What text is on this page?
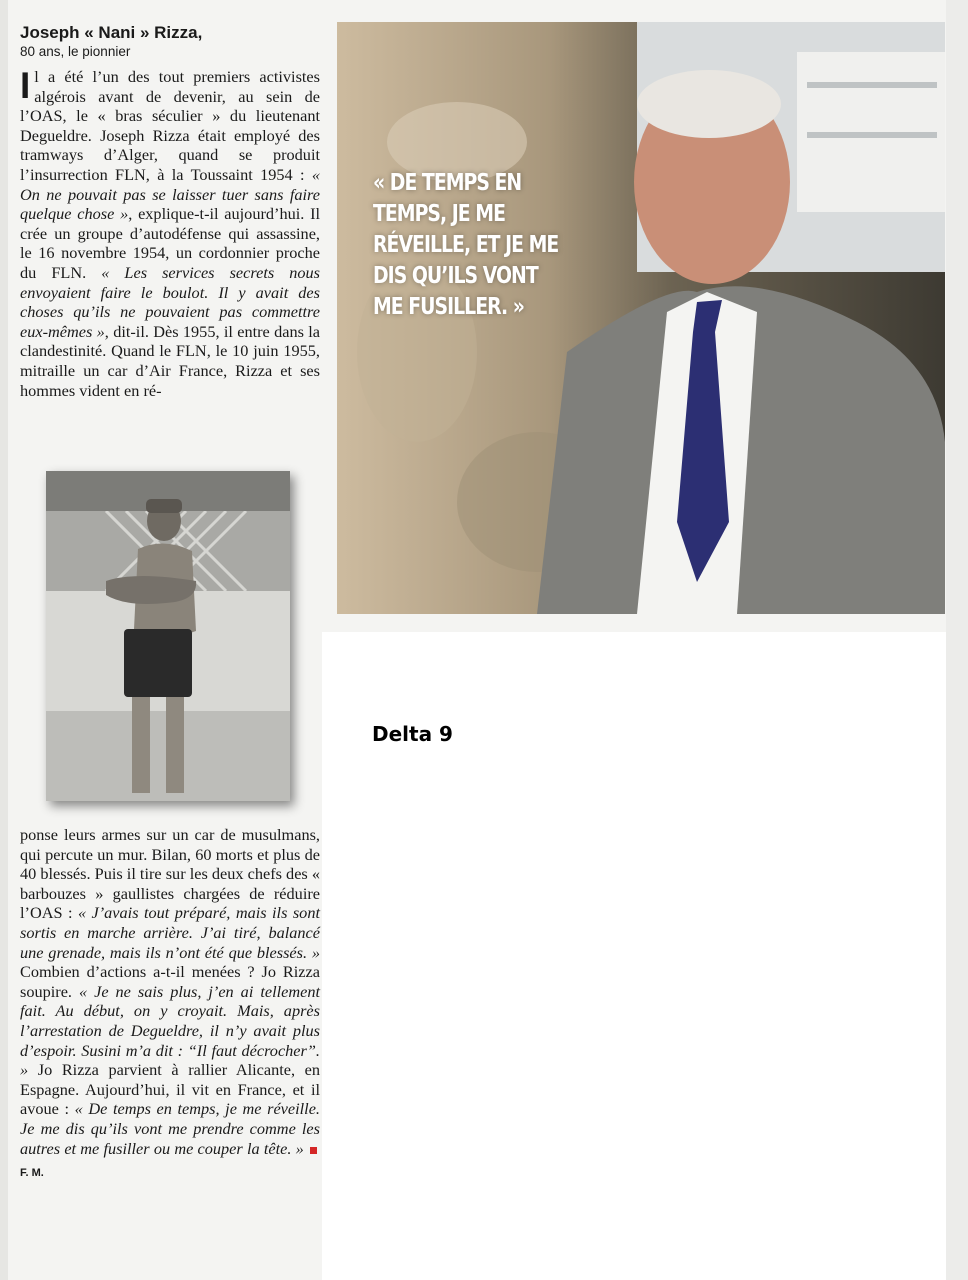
Joseph « Nani » Rizza,

80 ans, le pionnier

Il a été l’un des tout premiers activistes algérois avant de devenir, au sein de l’OAS, le « bras séculier » du lieutenant Degueldre. Joseph Rizza était employé des tramways d’Alger, quand se produit l’insurrection FLN, à la Toussaint 1954 : « On ne pouvait pas se laisser tuer sans faire quelque chose », explique-t-il aujourd’hui. Il crée un groupe d’autodéfense qui assassine, le 16 novembre 1954, un cordonnier proche du FLN. « Les services secrets nous envoyaient faire le boulot. Il y avait des choses qu’ils ne pouvaient pas commettre eux-mêmes », dit-il. Dès 1955, il entre dans la clandestinité. Quand le FLN, le 10 juin 1955, mitraille un car d’Air France, Rizza et ses hommes vident en ré-

ponse leurs armes sur un car de musulmans, qui percute un mur. Bilan, 60 morts et plus de 40 blessés. Puis il tire sur les deux chefs des « barbouzes » gaullistes chargées de réduire l’OAS : « J’avais tout préparé, mais ils sont sortis en marche arrière. J’ai tiré, balancé une grenade, mais ils n’ont été que blessés. » Combien d’actions a-t-il menées ? Jo Rizza soupire. « Je ne sais plus, j’en ai tellement fait. Au début, on y croyait. Mais, après l’arrestation de Degueldre, il n’y avait plus d’espoir. Susini m’a dit : “Il faut décrocher”. » Jo Rizza parvient à rallier Alicante, en Espagne. Aujourd’hui, il vit en France, et il avoue : « De temps en temps, je me réveille. Je me dis qu’ils vont me prendre comme les autres et me fusiller ou me couper la tête. » F. M.

« DE TEMPS EN TEMPS, JE ME RÉVEILLE, ET JE ME DIS QU’ILS VONT ME FUSILLER. »
Delta 9
